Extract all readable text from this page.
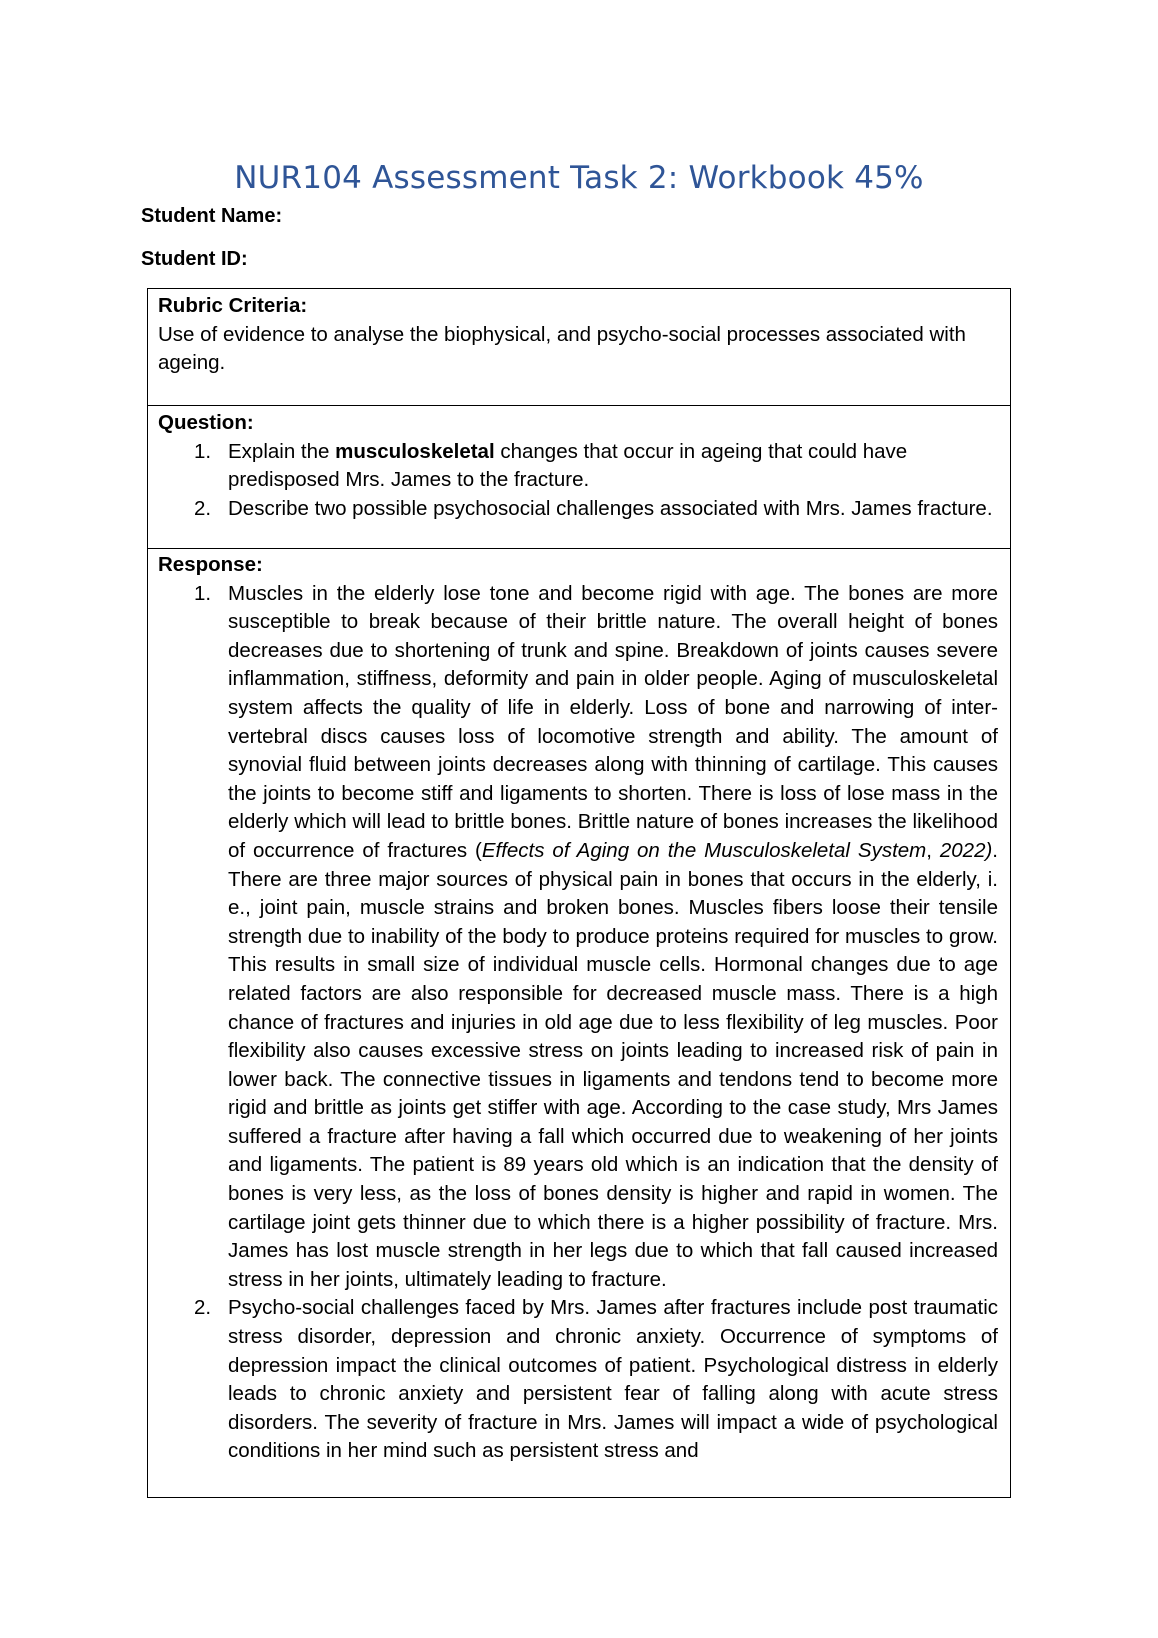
NUR104 Assessment Task 2: Workbook 45%
Student Name:
Student ID:
Rubric Criteria:
Use of evidence to analyse the biophysical, and psycho-social processes associated with ageing.
Question:
1. Explain the musculoskeletal changes that occur in ageing that could have predisposed Mrs. James to the fracture.
2. Describe two possible psychosocial challenges associated with Mrs. James fracture.
Response:
1. Muscles in the elderly lose tone and become rigid with age. The bones are more susceptible to break because of their brittle nature. The overall height of bones decreases due to shortening of trunk and spine. Breakdown of joints causes severe inflammation, stiffness, deformity and pain in older people. Aging of musculoskeletal system affects the quality of life in elderly. Loss of bone and narrowing of inter-vertebral discs causes loss of locomotive strength and ability. The amount of synovial fluid between joints decreases along with thinning of cartilage. This causes the joints to become stiff and ligaments to shorten. There is loss of lose mass in the elderly which will lead to brittle bones. Brittle nature of bones increases the likelihood of occurrence of fractures (Effects of Aging on the Musculoskeletal System, 2022). There are three major sources of physical pain in bones that occurs in the elderly, i. e., joint pain, muscle strains and broken bones. Muscles fibers loose their tensile strength due to inability of the body to produce proteins required for muscles to grow. This results in small size of individual muscle cells. Hormonal changes due to age related factors are also responsible for decreased muscle mass. There is a high chance of fractures and injuries in old age due to less flexibility of leg muscles. Poor flexibility also causes excessive stress on joints leading to increased risk of pain in lower back. The connective tissues in ligaments and tendons tend to become more rigid and brittle as joints get stiffer with age. According to the case study, Mrs James suffered a fracture after having a fall which occurred due to weakening of her joints and ligaments. The patient is 89 years old which is an indication that the density of bones is very less, as the loss of bones density is higher and rapid in women. The cartilage joint gets thinner due to which there is a higher possibility of fracture. Mrs. James has lost muscle strength in her legs due to which that fall caused increased stress in her joints, ultimately leading to fracture.
2. Psycho-social challenges faced by Mrs. James after fractures include post traumatic stress disorder, depression and chronic anxiety. Occurrence of symptoms of depression impact the clinical outcomes of patient. Psychological distress in elderly leads to chronic anxiety and persistent fear of falling along with acute stress disorders. The severity of fracture in Mrs. James will impact a wide of psychological conditions in her mind such as persistent stress and
